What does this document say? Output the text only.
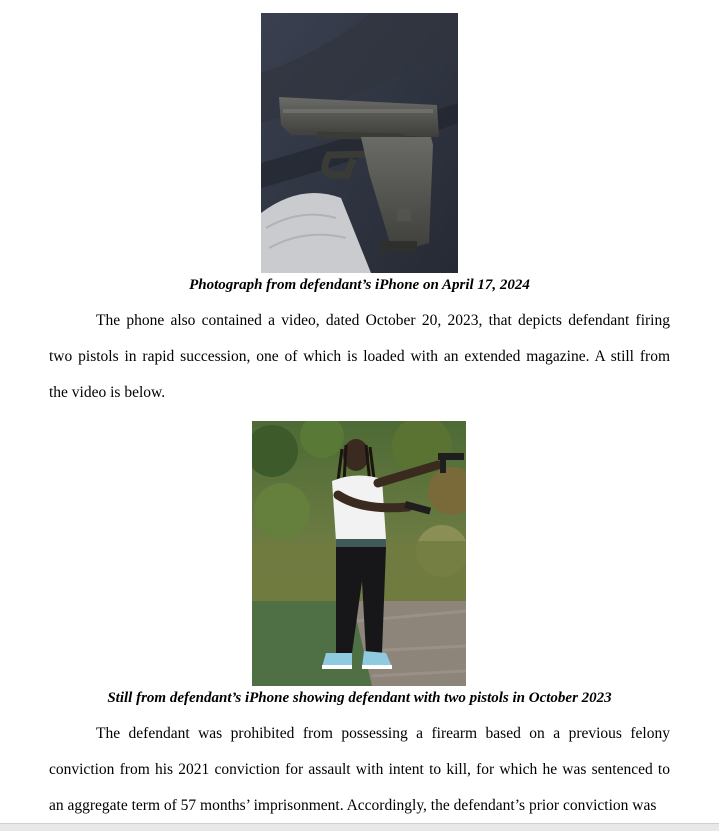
Photograph from defendant’s iPhone on April 17, 2024

The phone also contained a video, dated October 20, 2023, that depicts defendant firing
two pistols in rapid succession, one of which is loaded with an extended magazine. A still from
the video is below.

Still from defendant’s iPhone showing defendant with two pistols in October 2023

The defendant was prohibited from possessing a firearm based on a previous felony
conviction from his 2021 conviction for assault with intent to kill, for which he was sentenced to
an aggregate term of 57 months’ imprisonment. Accordingly, the defendant’s prior conviction was
